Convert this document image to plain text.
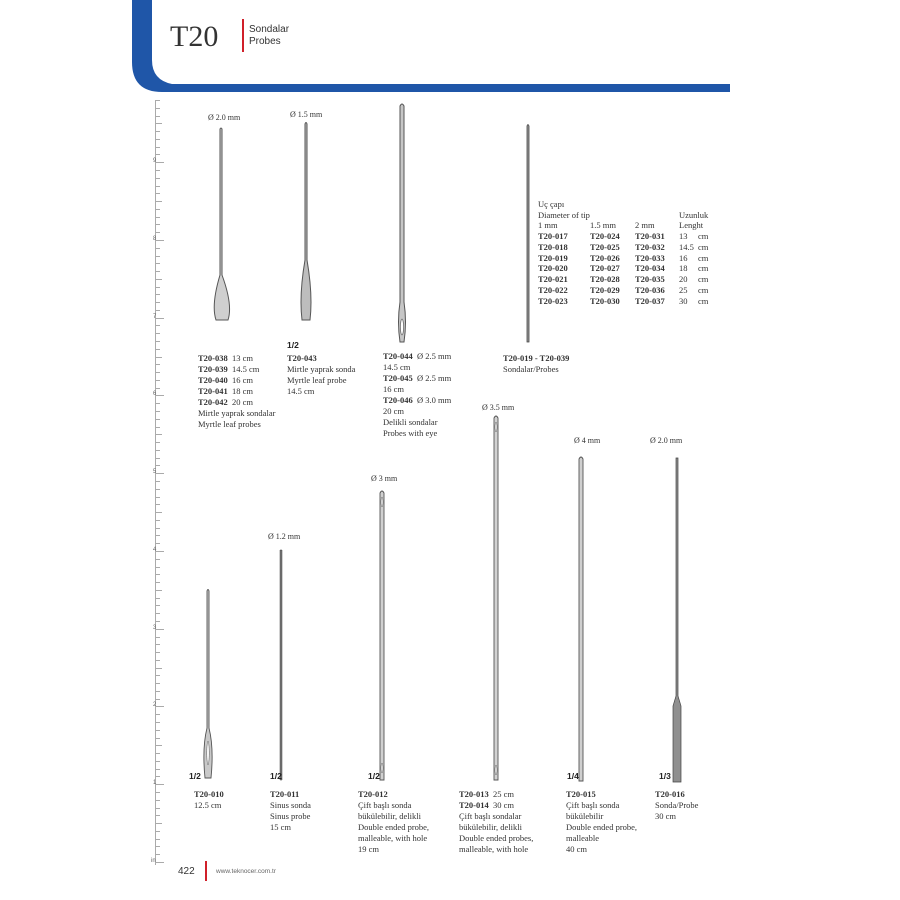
T20	Sondalar
Probes
in
Ø 2.0 mm
T20-038 13 cm
T20-039 14.5 cm
T20-040 16 cm
T20-041 18 cm
T20-042 20 cm
Mirtle yaprak sondalar
Myrtle leaf probes
Ø 1.5 mm
1/2
T20-043
Mirtle yaprak sonda
Myrtle leaf probe
14.5 cm
T20-044 Ø 2.5 mm
14.5 cm
T20-045 Ø 2.5 mm
16 cm
T20-046 Ø 3.0 mm
20 cm
Delikli sondalar
Probes with eye
Uç çapı
Diameter of tip	Uzunluk
1 mm	1.5 mm 2 mm	Lenght
T20-017	T20-024 T20-031 13 cm
T20-018	T20-025 T20-032 14.5 cm
T20-019	T20-026 T20-033 16 cm
T20-020	T20-027 T20-034 18 cm
T20-021	T20-028 T20-035 20 cm
T20-022	T20-029 T20-036 25 cm
T20-023	T20-030 T20-037 30 cm
T20-019 - T20-039
Sondalar/Probes
1/2
T20-010
12.5 cm
Ø 1.2 mm
1/2
T20-011
Sinus sonda
Sinus probe
15 cm
Ø 3 mm
1/2
T20-012
Çift başlı sonda
bükülebilir, delikli
Double ended probe,
malleable, with hole
19 cm
Ø 3.5 mm
T20-013 25 cm
T20-014 30 cm
Çift başlı sondalar
bükülebilir, delikli
Double ended probes,
malleable, with hole
Ø 4 mm
1/4
T20-015
Çift başlı sonda
bükülebilir
Double ended probe,
malleable
40 cm
Ø 2.0 mm
1/3
T20-016
Sonda/Probe
30 cm
422	www.teknocer.com.tr
9
8
7
6
5
4
3
2
1
